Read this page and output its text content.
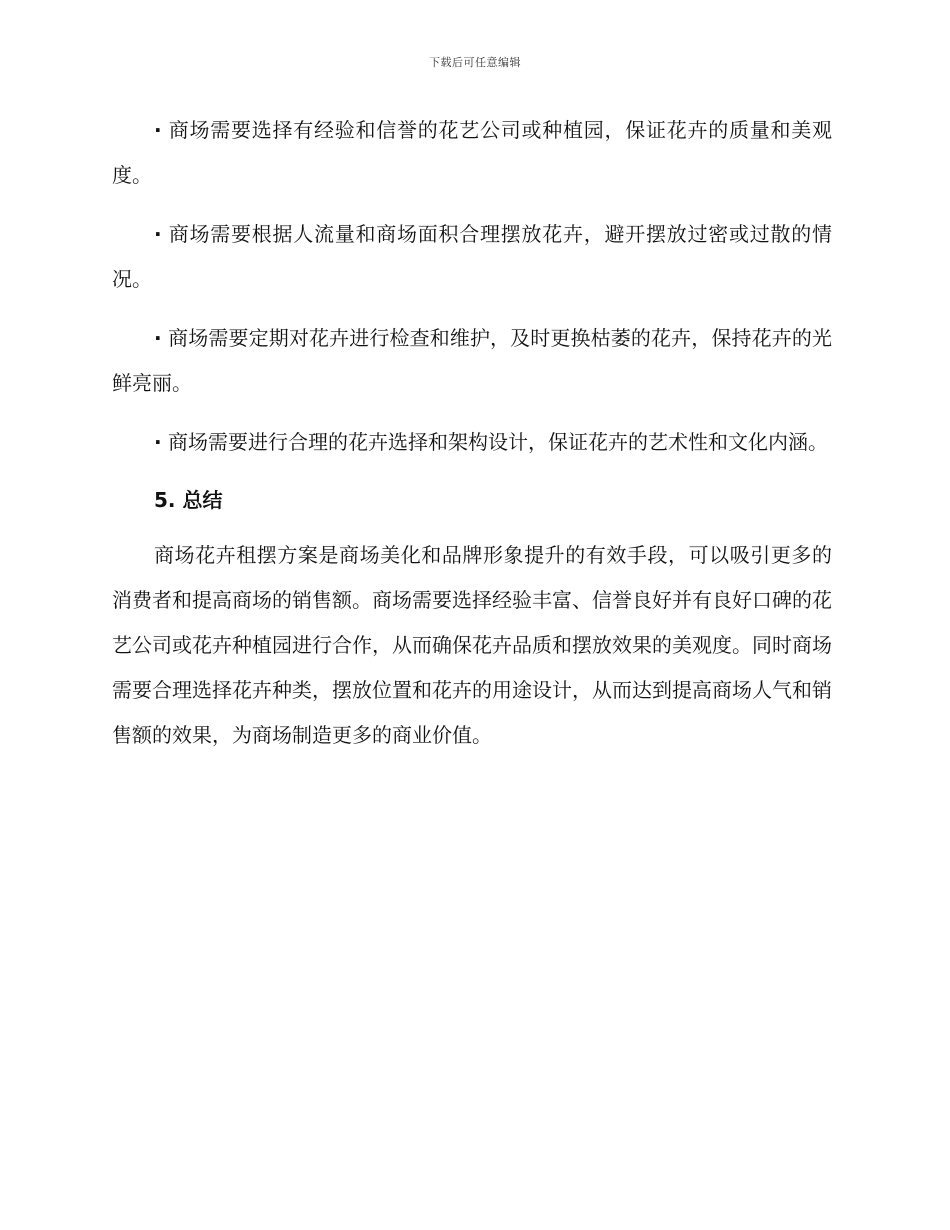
下载后可任意编辑

· 商场需要选择有经验和信誉的花艺公司或种植园，保证花卉的质量和美观度。

· 商场需要根据人流量和商场面积合理摆放花卉，避开摆放过密或过散的情况。

· 商场需要定期对花卉进行检查和维护，及时更换枯萎的花卉，保持花卉的光鲜亮丽。

· 商场需要进行合理的花卉选择和架构设计，保证花卉的艺术性和文化内涵。

5. 总结

商场花卉租摆方案是商场美化和品牌形象提升的有效手段，可以吸引更多的消费者和提高商场的销售额。商场需要选择经验丰富、信誉良好并有良好口碑的花艺公司或花卉种植园进行合作，从而确保花卉品质和摆放效果的美观度。同时商场需要合理选择花卉种类，摆放位置和花卉的用途设计，从而达到提高商场人气和销售额的效果，为商场制造更多的商业价值。
